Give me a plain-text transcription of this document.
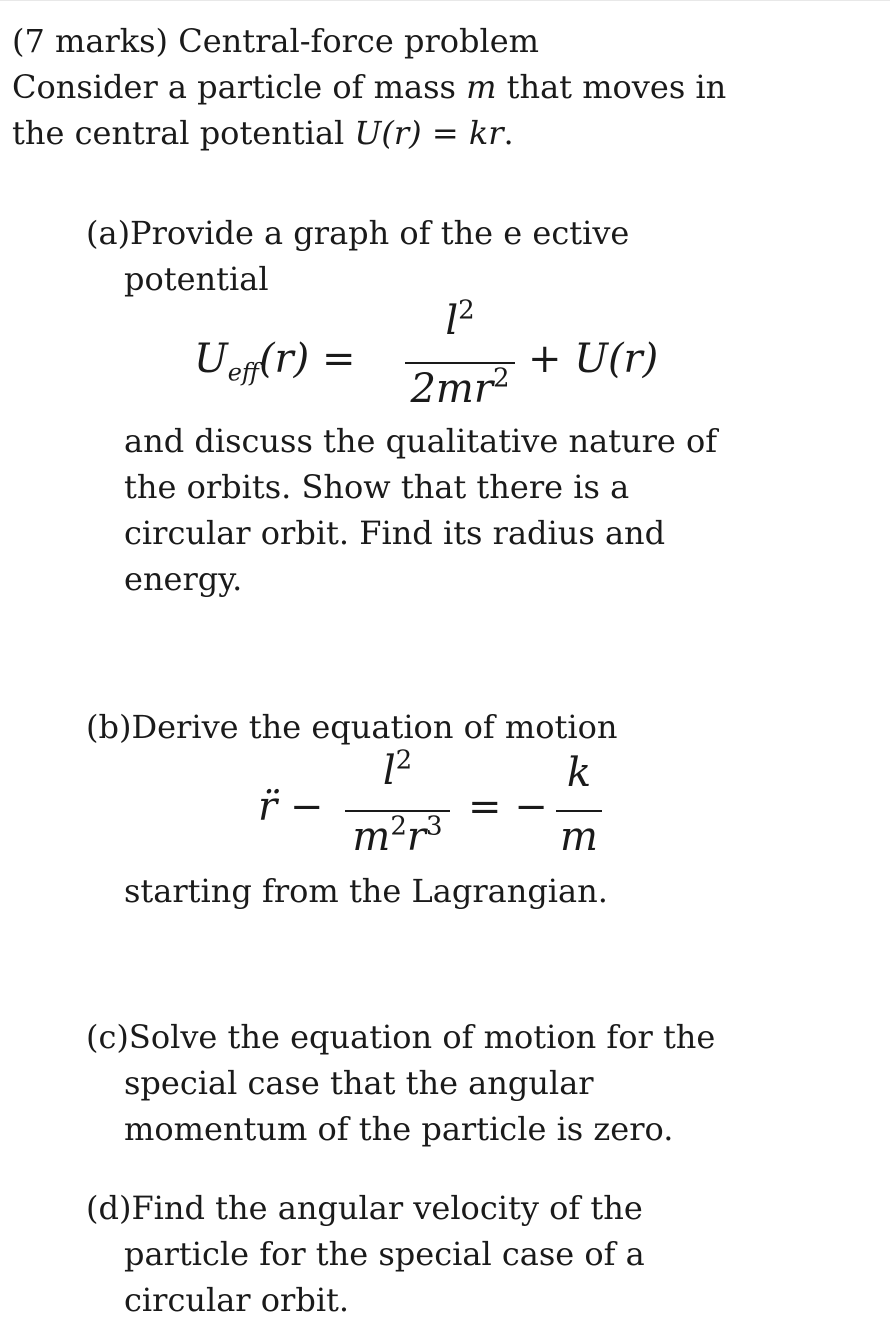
(7 marks) Central-force problem
Consider a particle of mass m that moves in
the central potential U(r) = kr.
(a)Provide a graph of the e ective
potential
$U_{eff}(r)$ =
$l^2$
$2mr^2 + U(r)$
and discuss the qualitative nature of
the orbits. Show that there is a
circular orbit. Find its radius and
energy.
(b)Derive the equation of motion
r̈ −
$l^2$
$m^2r^3$ = −
k
m
starting from the Lagrangian.
(c)Solve the equation of motion for the
special case that the angular
momentum of the particle is zero.
(d)Find the angular velocity of the
particle for the special case of a
circular orbit.
